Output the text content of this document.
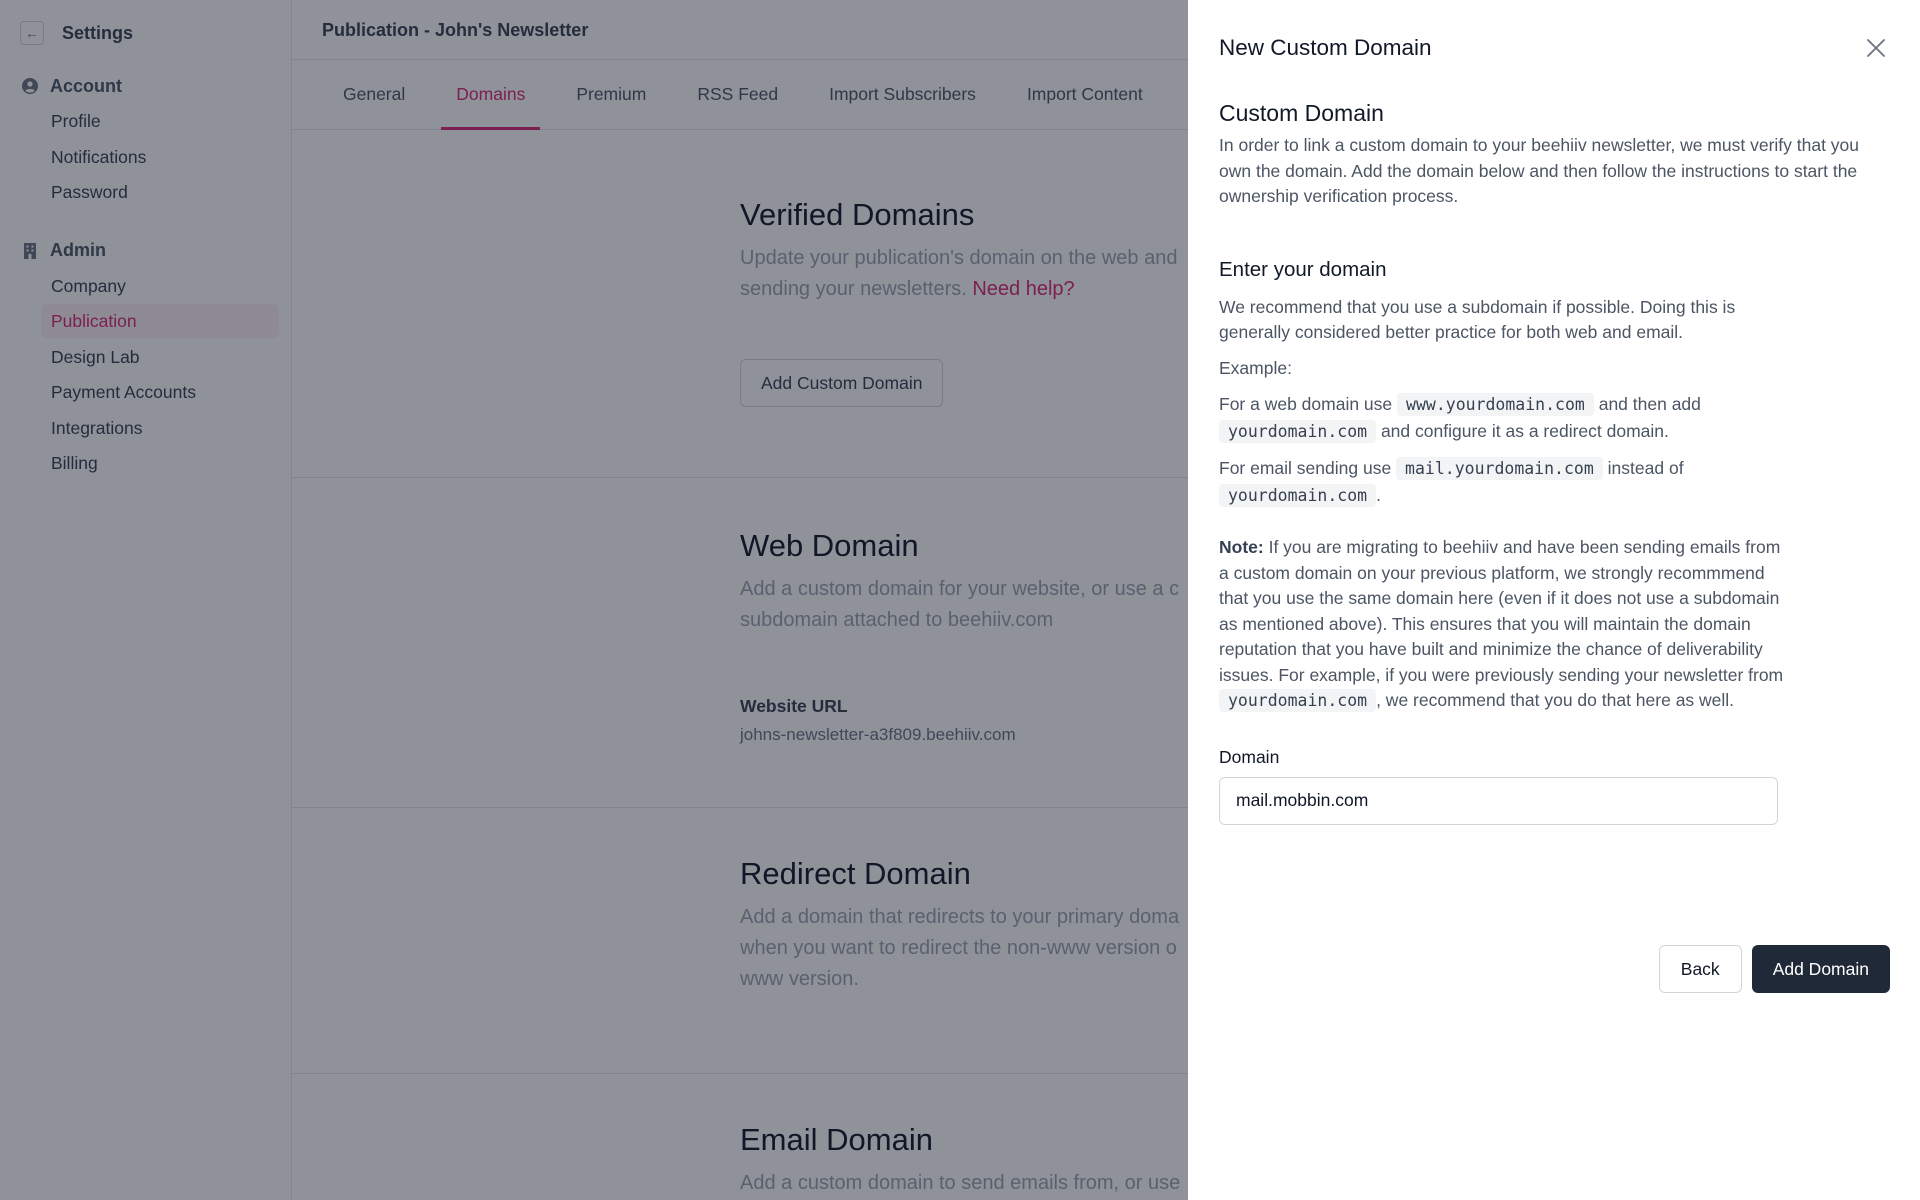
← Settings
Account
Profile
Notifications
Password
Admin
Company
Publication
Design Lab
Payment Accounts
Integrations
Billing
Publication - John's Newsletter
General	Domains	Premium	RSS Feed	Import Subscribers	Import Content
Verified Domains
Update your publication's domain on the web and
sending your newsletters. Need help?
Add Custom Domain
Web Domain
Add a custom domain for your website, or use a c
subdomain attached to beehiiv.com
Website URL
johns-newsletter-a3f809.beehiiv.com
Redirect Domain
Add a domain that redirects to your primary doma
when you want to redirect the non-www version o
www version.
Email Domain
Add a custom domain to send emails from, or use
New Custom Domain
Custom Domain

In order to link a custom domain to your beehiiv newsletter, we must verify that you own the domain. Add the domain below and then follow the instructions to start the ownership verification process.

Enter your domain

We recommend that you use a subdomain if possible. Doing this is generally considered better practice for both web and email.

Example:

For a web domain use www.yourdomain.com and then add yourdomain.com and configure it as a redirect domain.

For email sending use mail.yourdomain.com instead of yourdomain.com .

Note: If you are migrating to beehiiv and have been sending emails from a custom domain on your previous platform, we strongly recommmend that you use the same domain here (even if it does not use a subdomain as mentioned above). This ensures that you will maintain the domain reputation that you have built and minimize the chance of deliverability issues. For example, if you were previously sending your newsletter from yourdomain.com , we recommend that you do that here as well.

Domain
mail.mobbin.com
Back	Add Domain
